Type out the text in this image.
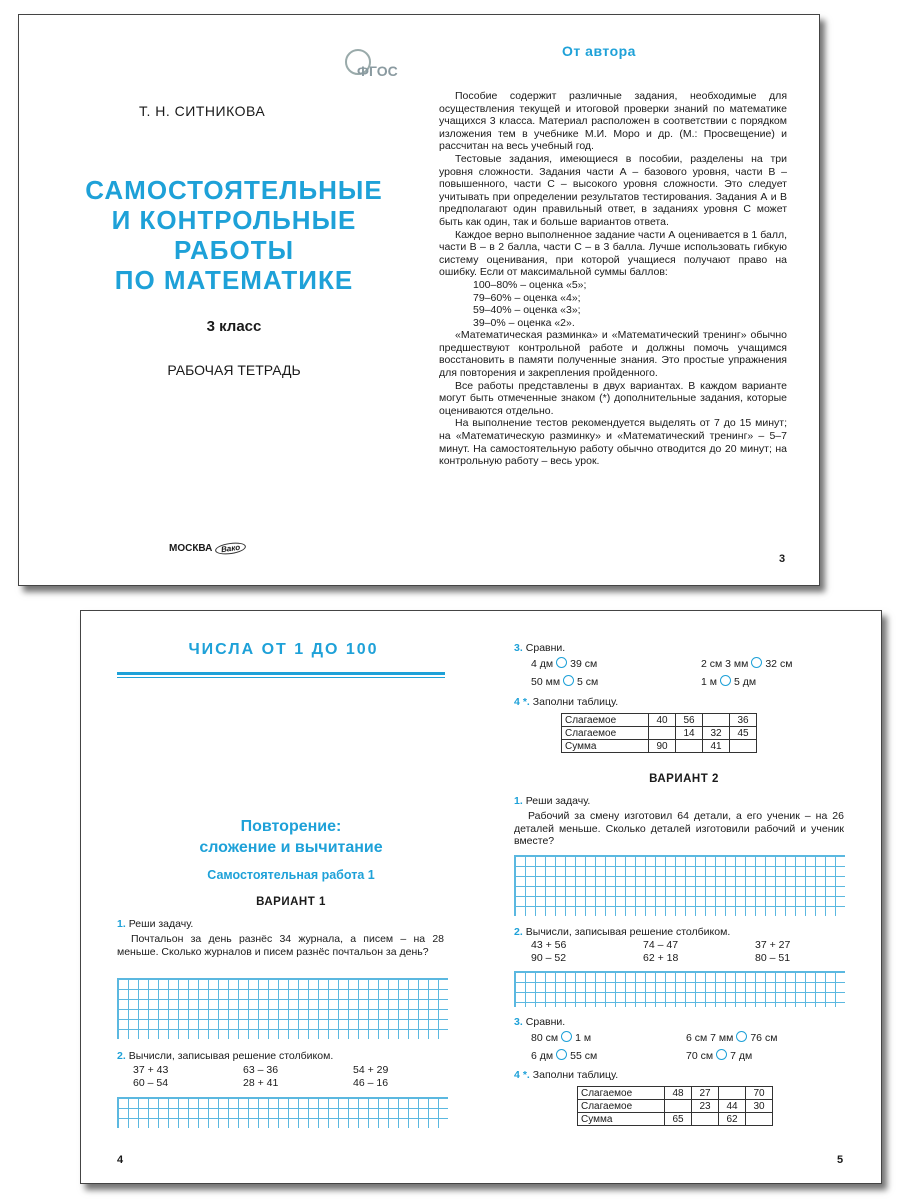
ФГОС
Т. Н. СИТНИКОВА
САМОСТОЯТЕЛЬНЫЕ
И КОНТРОЛЬНЫЕ
РАБОТЫ
ПО МАТЕМАТИКЕ
3 класс
РАБОЧАЯ ТЕТРАДЬ
МОСКВА	Вако
От автора

Пособие содержит различные задания, необходимые для осуществления текущей и итоговой проверки знаний по математике учащихся 3 класса. Материал расположен в соответствии с порядком изложения тем в учебнике М.И. Моро и др. (М.: Просвещение) и рассчитан на весь учебный год.

Тестовые задания, имеющиеся в пособии, разделены на три уровня сложности. Задания части А – базового уровня, части В – повышенного, части С – высокого уровня сложности. Это следует учитывать при определении результатов тестирования. Задания А и В предполагают один правильный ответ, в заданиях уровня С может быть как один, так и больше вариантов ответа.

Каждое верно выполненное задание части А оценивается в 1 балл, части В – в 2 балла, части С – в 3 балла. Лучше использовать гибкую систему оценивания, при которой учащиеся получают право на ошибку. Если от максимальной суммы баллов:

100–80% – оценка «5»;

79–60% – оценка «4»;

59–40% – оценка «3»;

39–0% – оценка «2».

«Математическая разминка» и «Математический тренинг» обычно предшествуют контрольной работе и должны помочь учащимся восстановить в памяти полученные знания. Это простые упражнения для повторения и закрепления пройденного.

Все работы представлены в двух вариантах. В каждом варианте могут быть отмеченные знаком (*) дополнительные задания, которые оцениваются отдельно.

На выполнение тестов рекомендуется выделять от 7 до 15 минут; на «Математическую разминку» и «Математический тренинг» – 5–7 минут. На самостоятельную работу обычно отводится до 20 минут; на контрольную работу – весь урок.

3
ЧИСЛА ОТ 1 ДО 100
Повторение:
сложение и вычитание
Самостоятельная работа 1
ВАРИАНТ 1
1. Реши задачу.
Почтальон за день разнёс 34 журнала, а писем – на 28 меньше. Сколько журналов и писем разнёс почтальон за день?
2. Вычисли, записывая решение столбиком.
37 + 43	63 – 36	54 + 29
60 – 54	28 + 41	46 – 16
4
3. Сравни.
4 дм 39 см	2 см 3 мм 32 см
50 мм 5 см	1 м 5 дм
4 *. Заполни таблицу.
Слагаемое	40	56		36
Слагаемое		14	32	45
Сумма	90		41	
ВАРИАНТ 2
1. Реши задачу.
Рабочий за смену изготовил 64 детали, а его ученик – на 26 деталей меньше. Сколько деталей изготовили рабочий и ученик вместе?
2. Вычисли, записывая решение столбиком.
43 + 56	74 – 47	37 + 27
90 – 52	62 + 18	80 – 51
3. Сравни.
80 см 1 м	6 см 7 мм 76 см
6 дм 55 см	70 см 7 дм
4 *. Заполни таблицу.
Слагаемое	48	27		70
Слагаемое		23	44	30
Сумма	65		62	
5
